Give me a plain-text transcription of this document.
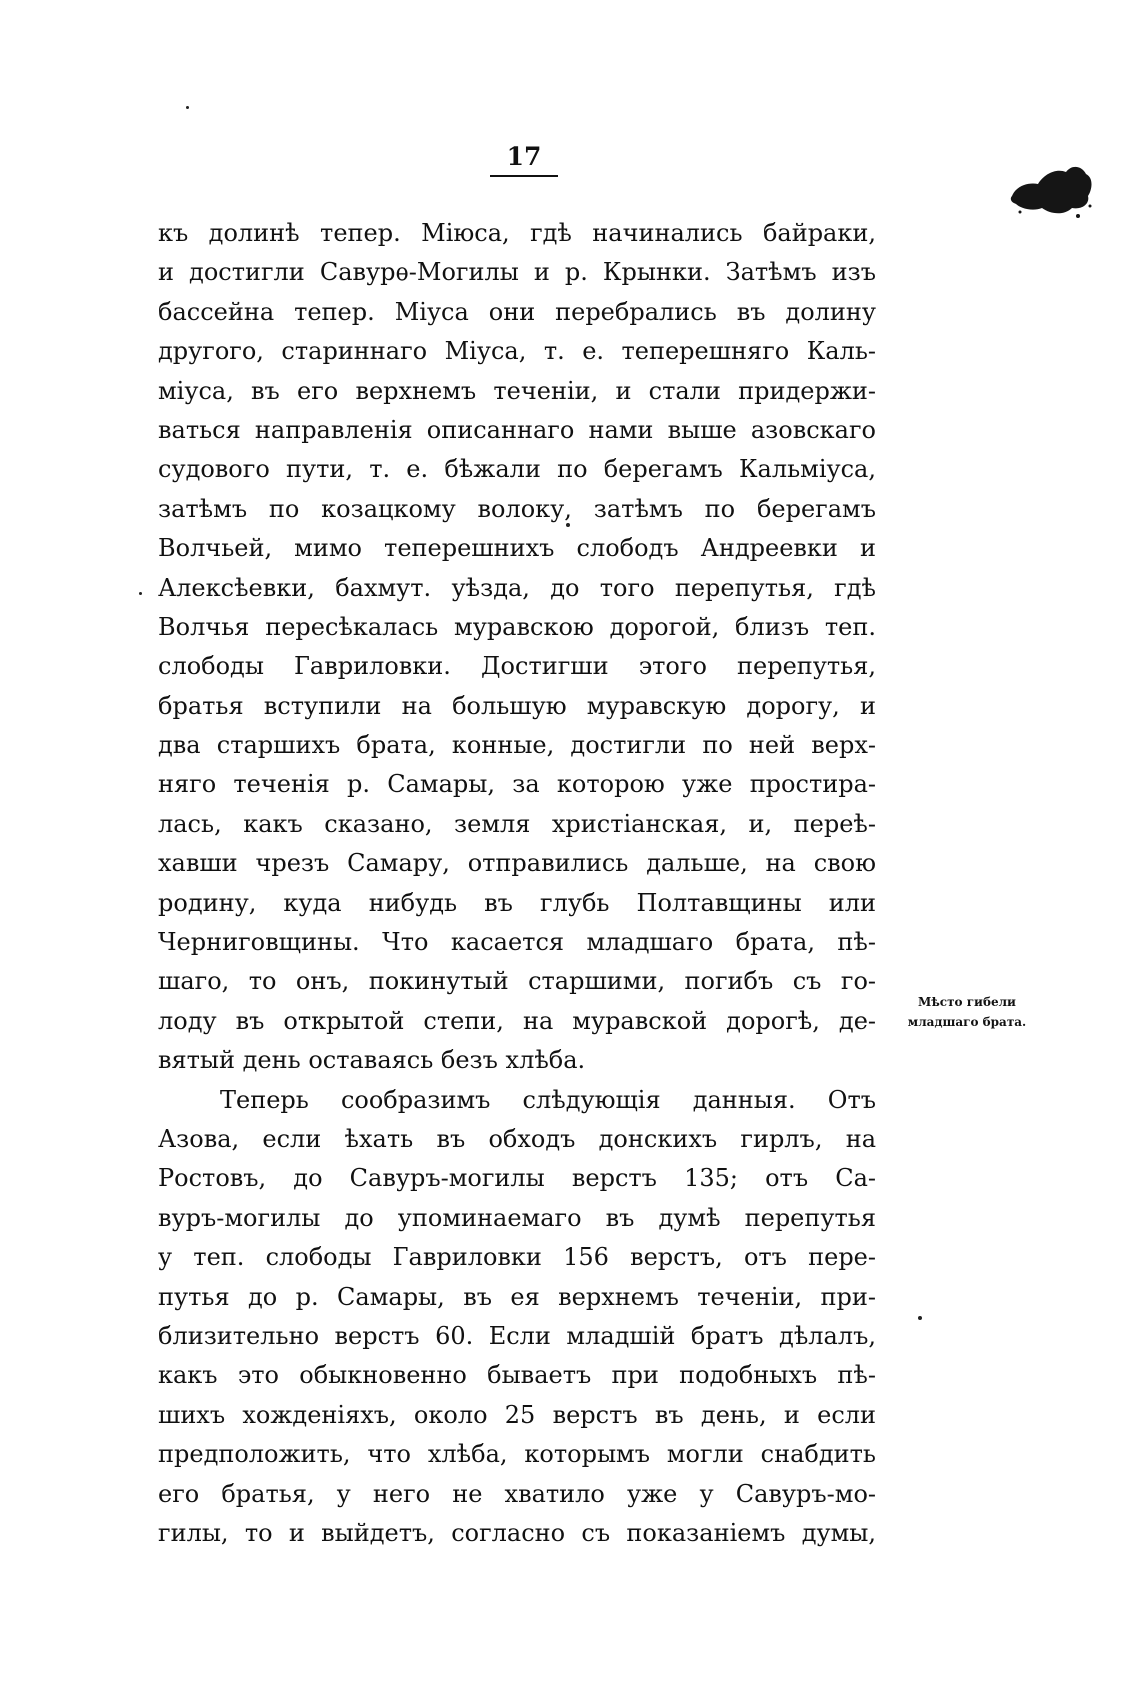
17
къ долинѣ тепер. Міюса, гдѣ начинались байраки,
и достигли Савурѳ-Могилы и р. Крынки. Затѣмъ изъ
бассейна тепер. Міуса они перебрались въ долину
другого, стариннаго Міуса, т. е. теперешняго Каль-
міуса, въ его верхнемъ теченіи, и стали придержи-
ваться направленія описаннаго нами выше азовскаго
судового пути, т. е. бѣжали по берегамъ Кальміуса,
затѣмъ по козацкому волоку, затѣмъ по берегамъ
Волчьей, мимо теперешнихъ слободъ Андреевки и
Алексѣевки, бахмут. уѣзда, до того перепутья, гдѣ
Волчья пересѣкалась муравскою дорогой, близъ теп.
слободы Гавриловки. Достигши этого перепутья,
братья вступили на большую муравскую дорогу, и
два старшихъ брата, конные, достигли по ней верх-
няго теченія р. Самары, за которою уже простира-
лась, какъ сказано, земля христіанская, и, переѣ-
хавши чрезъ Самару, отправились дальше, на свою
родину, куда нибудь въ глубь Полтавщины или
Черниговщины. Что касается младшаго брата, пѣ-
шаго, то онъ, покинутый старшими, погибъ съ го-
лоду въ открытой степи, на муравской дорогѣ, де-
вятый день оставаясь безъ хлѣба.
Теперь сообразимъ слѣдующія данныя. Отъ
Азова, если ѣхать въ обходъ донскихъ гирлъ, на
Ростовъ, до Савуръ-могилы верстъ 135; отъ Са-
вуръ-могилы до упоминаемаго въ думѣ перепутья
у теп. слободы Гавриловки 156 верстъ, отъ пере-
путья до р. Самары, въ ея верхнемъ теченіи, при-
близительно верстъ 60. Если младшій братъ дѣлалъ,
какъ это обыкновенно бываетъ при подобныхъ пѣ-
шихъ хожденіяхъ, около 25 верстъ въ день, и если
предположить, что хлѣба, которымъ могли снабдить
его братья, у него не хватило уже у Савуръ-мо-
гилы, то и выйдетъ, согласно съ показаніемъ думы,
Мѣсто гибели
младшаго брата.
